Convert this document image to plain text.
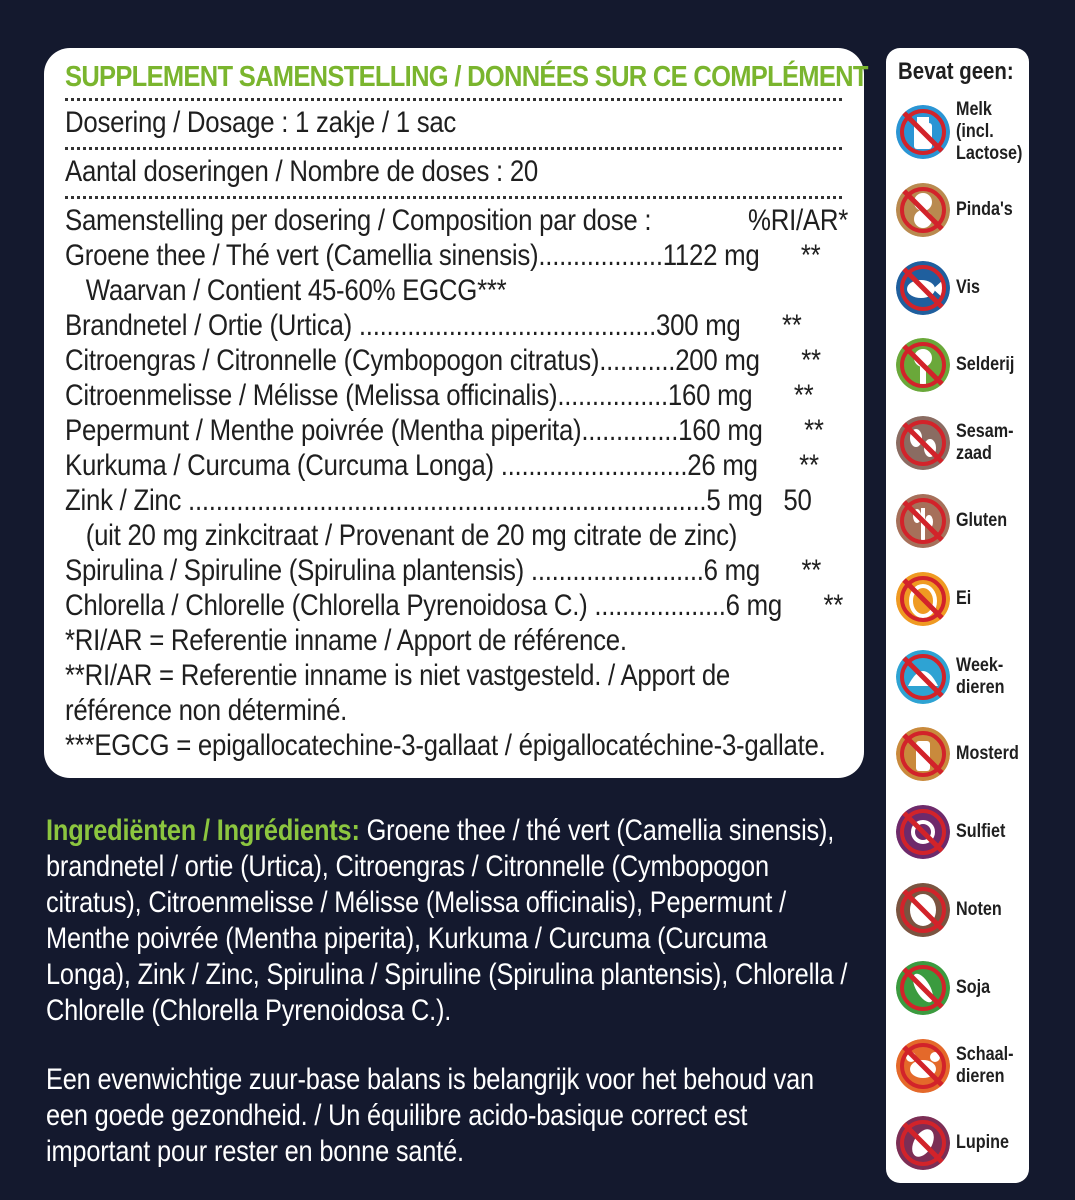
SUPPLEMENT SAMENSTELLING / DONNÉES SUR CE COMPLÉMENT
Dosering / Dosage : 1 zakje / 1 sac
Aantal doseringen / Nombre de doses : 20
Samenstelling per dosering / Composition par dose :              %RI/AR*
Groene thee / Thé vert (Camellia sinensis)..................1122 mg      **
Waarvan / Contient 45-60% EGCG***
Brandnetel / Ortie (Urtica) ...........................................300 mg      **
Citroengras / Citronnelle (Cymbopogon citratus)...........200 mg      **
Citroenmelisse / Mélisse (Melissa officinalis)................160 mg      **
Pepermunt / Menthe poivrée (Mentha piperita)..............160 mg      **
Kurkuma / Curcuma (Curcuma Longa) ...........................26 mg      **
Zink / Zinc ...........................................................................5 mg   50
(uit 20 mg zinkcitraat / Provenant de 20 mg citrate de zinc)
Spirulina / Spiruline (Spirulina plantensis) .........................6 mg      **
Chlorella / Chlorelle (Chlorella Pyrenoidosa C.) ...................6 mg      **
*RI/AR = Referentie inname / Apport de référence.
**RI/AR = Referentie inname is niet vastgesteld. / Apport de
référence non déterminé.
***EGCG = epigallocatechine-3-gallaat / épigallocatéchine-3-gallate.
Bevat geen:
Melk
(incl.
Lactose)
Pinda's
Vis
Selderij
Sesam-
zaad
Gluten
Ei
Week-
dieren
Mosterd
Sulfiet
Noten
Soja
Schaal-
dieren
Lupine
Ingrediënten / Ingrédients: Groene thee / thé vert (Camellia sinensis), brandnetel / ortie (Urtica), Citroengras / Citronnelle (Cymbopogon citratus), Citroenmelisse / Mélisse (Melissa officinalis), Pepermunt / Menthe poivrée (Mentha piperita), Kurkuma / Curcuma (Curcuma Longa), Zink / Zinc, Spirulina / Spiruline (Spirulina plantensis), Chlorella / Chlorelle (Chlorella Pyrenoidosa C.).
Een evenwichtige zuur-base balans is belangrijk voor het behoud van een goede gezondheid. / Un équilibre acido-basique correct est important pour rester en bonne santé.
